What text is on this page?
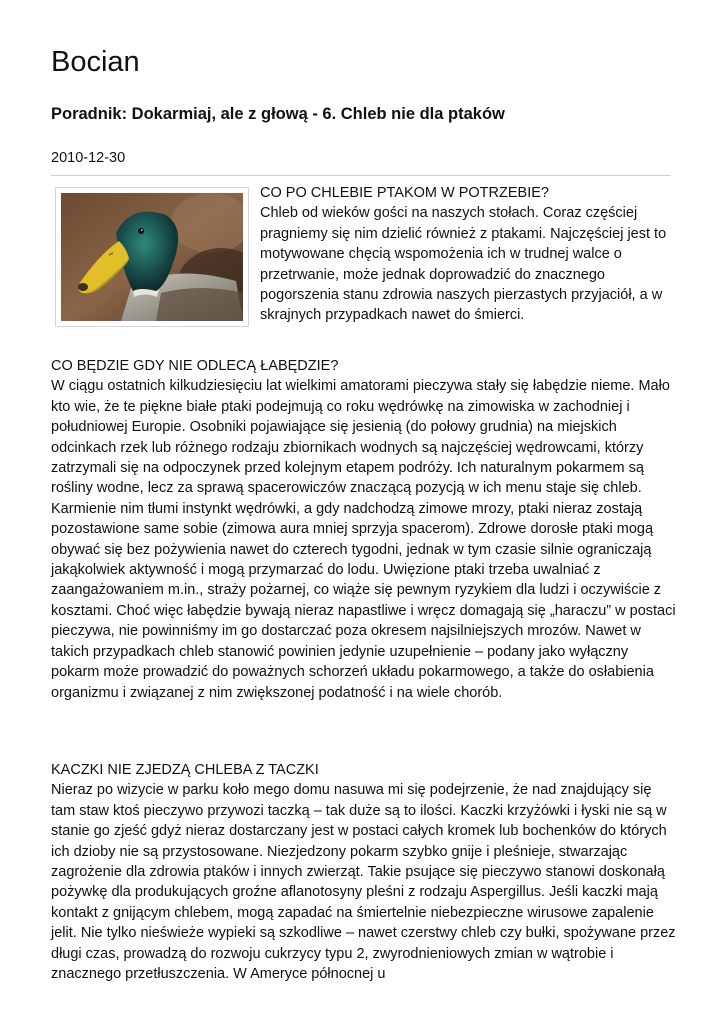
Bocian
Poradnik: Dokarmiaj, ale z głową - 6. Chleb nie dla ptaków
2010-12-30

CO PO CHLEBIE PTAKOM W POTRZEBIE?

Chleb od wieków gości na naszych stołach. Coraz częściej pragniemy się nim dzielić również z ptakami. Najczęściej jest to motywowane chęcią wspomożenia ich w trudnej walce o przetrwanie, może jednak doprowadzić do znacznego pogorszenia stanu zdrowia naszych pierzastych przyjaciół, a w skrajnych przypadkach nawet do śmierci.

CO BĘDZIE GDY NIE ODLECĄ ŁABĘDZIE?

W ciągu ostatnich kilkudziesięciu lat wielkimi amatorami pieczywa stały się łabędzie nieme. Mało kto wie, że te piękne białe ptaki podejmują co roku wędrówkę na zimowiska w zachodniej i południowej Europie. Osobniki pojawiające się jesienią (do połowy grudnia) na miejskich odcinkach rzek lub różnego rodzaju zbiornikach wodnych są najczęściej wędrowcami, którzy zatrzymali się na odpoczynek przed kolejnym etapem podróży. Ich naturalnym pokarmem są rośliny wodne, lecz za sprawą spacerowiczów znaczącą pozycją w ich menu staje się chleb. Karmienie nim tłumi instynkt wędrówki, a gdy nadchodzą zimowe mrozy, ptaki nieraz zostają pozostawione same sobie (zimowa aura mniej sprzyja spacerom). Zdrowe dorosłe ptaki mogą obywać się bez pożywienia nawet do czterech tygodni, jednak w tym czasie silnie ograniczają jakąkolwiek aktywność i mogą przymarzać do lodu. Uwięzione ptaki trzeba uwalniać z zaangażowaniem m.in., straży pożarnej, co wiąże się pewnym ryzykiem dla ludzi i oczywiście z kosztami. Choć więc łabędzie bywają nieraz napastliwe i wręcz domagają się „haraczu” w postaci pieczywa, nie powinniśmy im go dostarczać poza okresem najsilniejszych mrozów. Nawet w takich przypadkach chleb stanowić powinien jedynie uzupełnienie – podany jako wyłączny pokarm może prowadzić do poważnych schorzeń układu pokarmowego, a także do osłabienia organizmu i związanej z nim zwiększonej podatność i na wiele chorób.

KACZKI NIE ZJEDZĄ CHLEBA Z TACZKI

Nieraz po wizycie w parku koło mego domu nasuwa mi się podejrzenie, że nad znajdujący się tam staw ktoś pieczywo przywozi taczką – tak duże są to ilości. Kaczki krzyżówki i łyski nie są w stanie go zjeść gdyż nieraz dostarczany jest w postaci całych kromek lub bochenków do których ich dzioby nie są przystosowane. Niezjedzony pokarm szybko gnije i pleśnieje, stwarzając zagrożenie dla zdrowia ptaków i innych zwierząt. Takie psujące się pieczywo stanowi doskonałą pożywkę dla produkujących groźne aflanotosyny pleśni z rodzaju Aspergillus. Jeśli kaczki mają kontakt z gnijącym chlebem, mogą zapadać na śmiertelnie niebezpieczne wirusowe zapalenie jelit. Nie tylko nieświeże wypieki są szkodliwe – nawet czerstwy chleb czy bułki, spożywane przez długi czas, prowadzą do rozwoju cukrzycy typu 2, zwyrodnieniowych zmian w wątrobie i znacznego przetłuszczenia. W Ameryce północnej u
